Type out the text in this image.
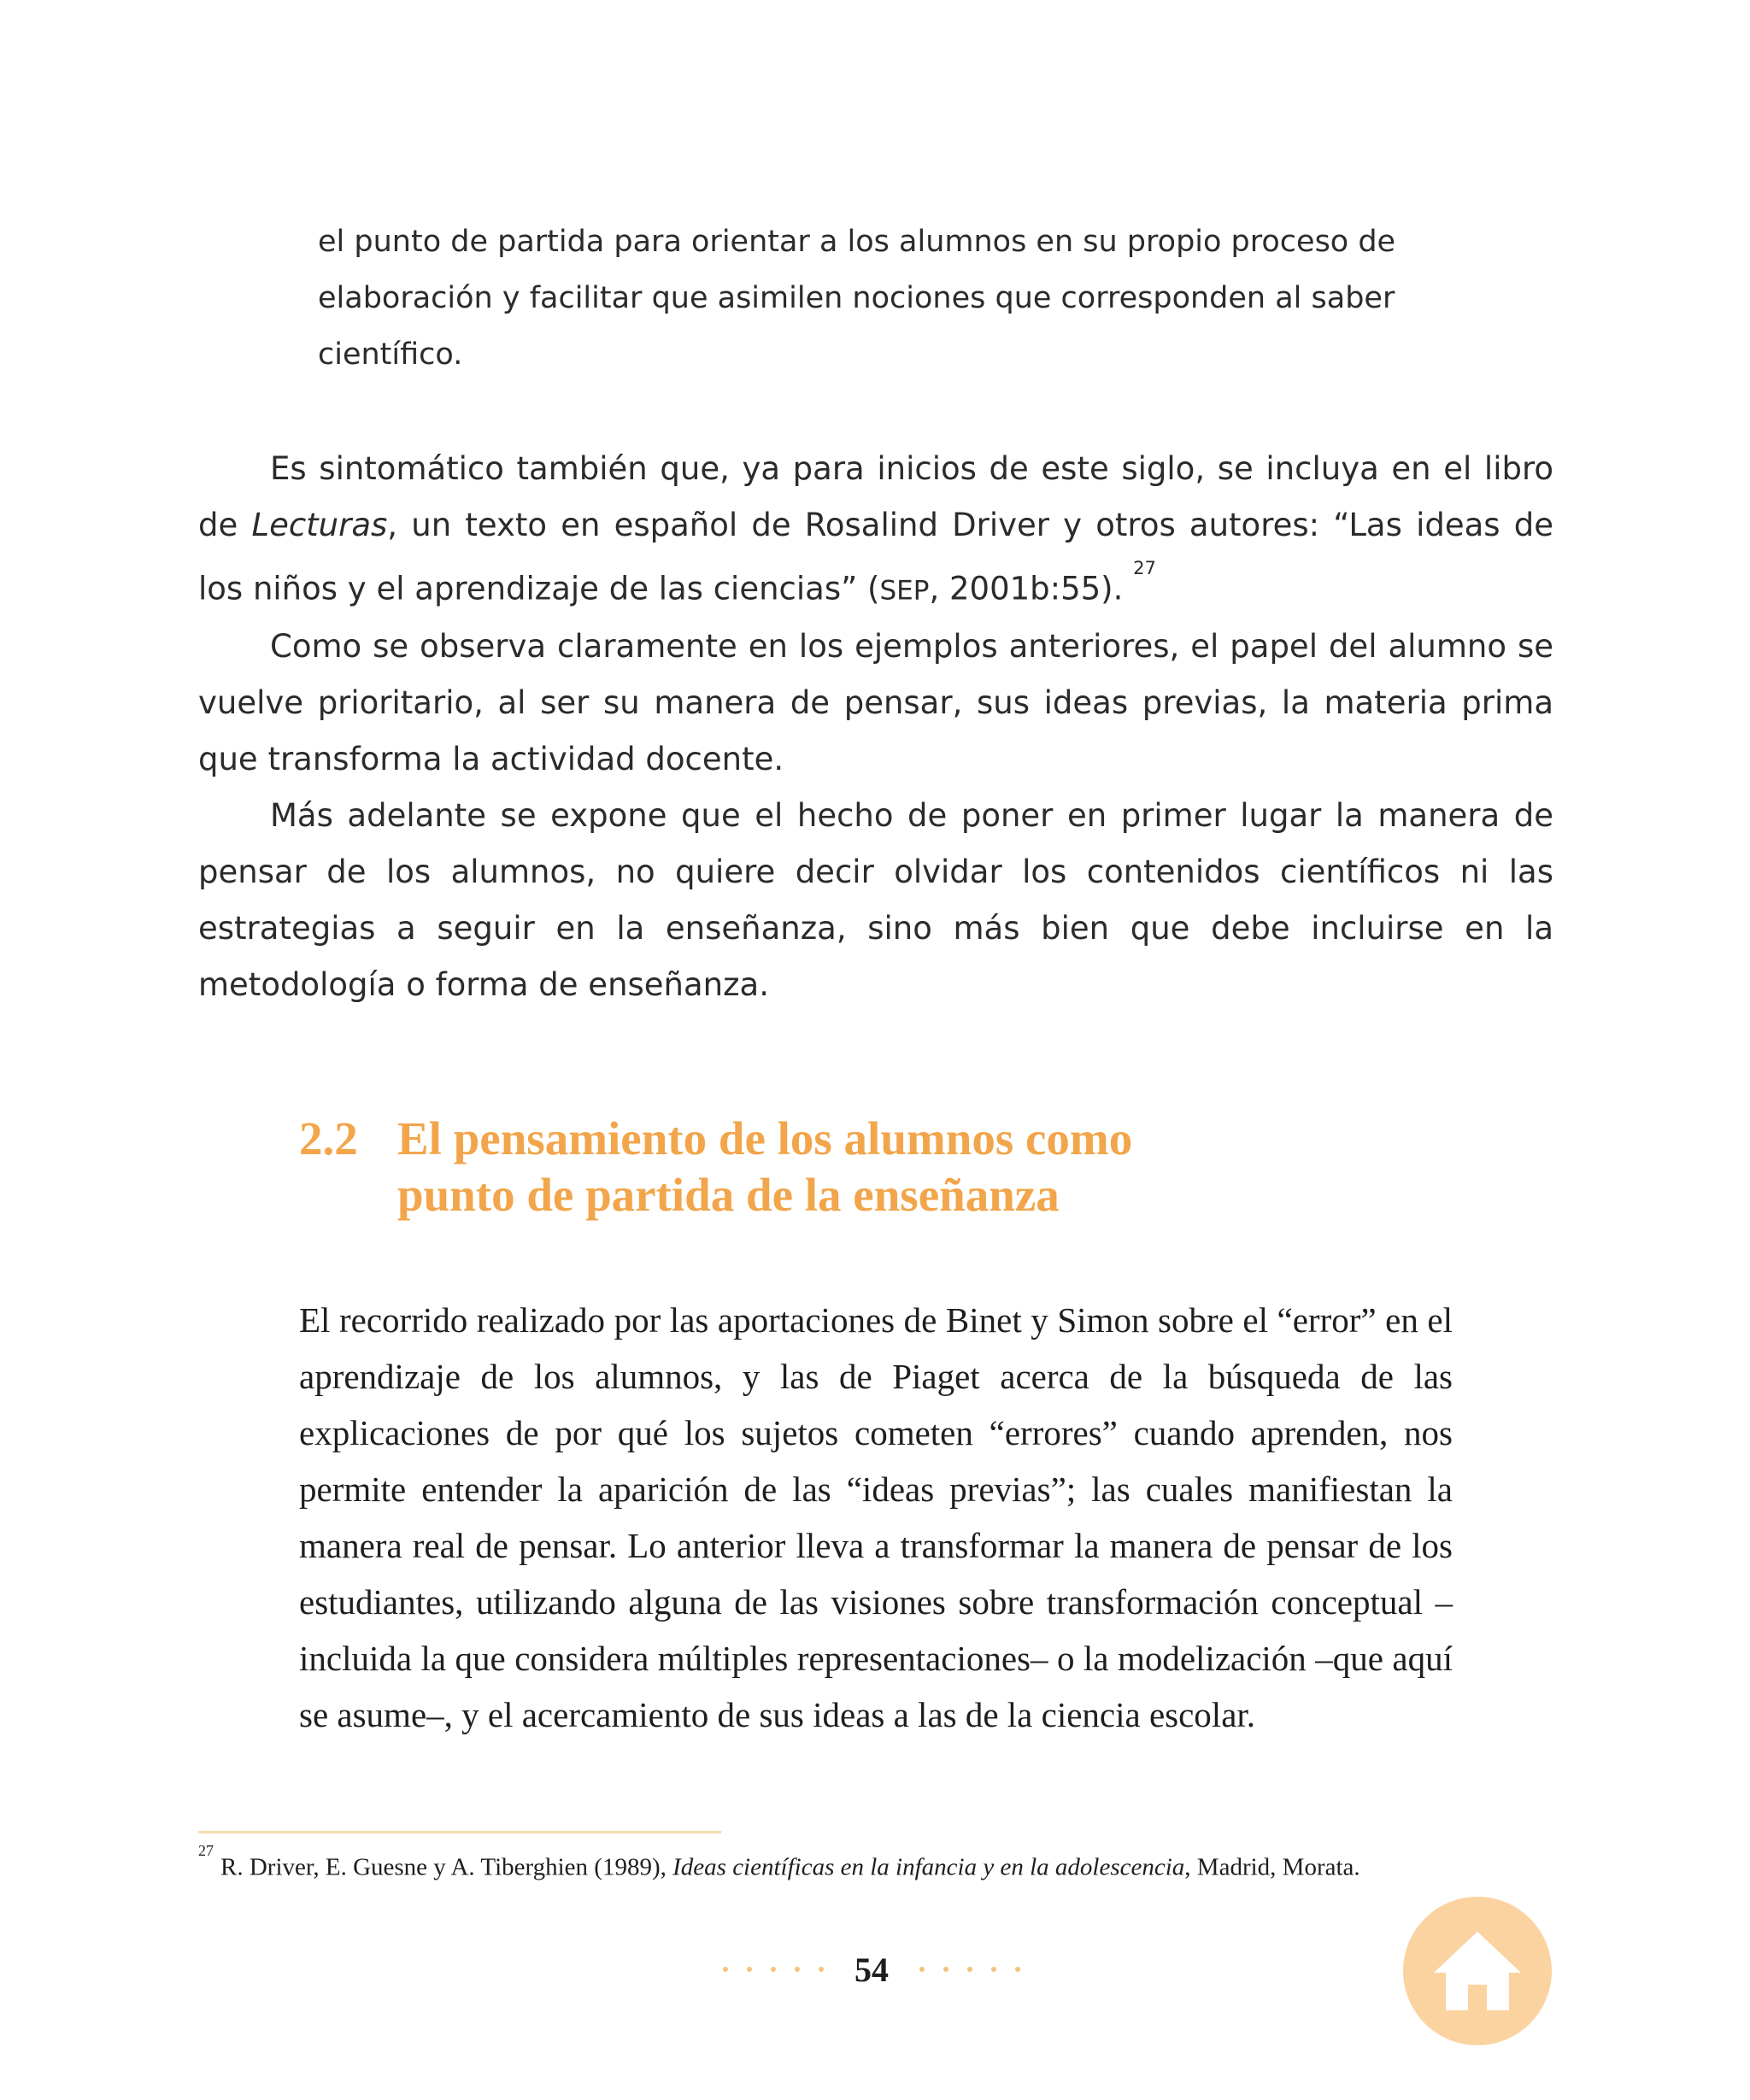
el punto de partida para orientar a los alumnos en su propio proceso de elaboración y facilitar que asimilen nociones que corresponden al saber científico.

Es sintomático también que, ya para inicios de este siglo, se incluya en el libro de Lecturas, un texto en español de Rosalind Driver y otros autores: “Las ideas de los niños y el aprendizaje de las ciencias” (SEP, 2001b:55). $^{27}$

Como se observa claramente en los ejemplos anteriores, el papel del alumno se vuelve prioritario, al ser su manera de pensar, sus ideas previas, la materia prima que transforma la actividad docente.

Más adelante se expone que el hecho de poner en primer lugar la manera de pensar de los alumnos, no quiere decir olvidar los contenidos científicos ni las estrategias a seguir en la enseñanza, sino más bien que debe incluirse en la metodología o forma de enseñanza.

2.2 El pensamiento de los alumnos como
punto de partida de la enseñanza

El recorrido realizado por las aportaciones de Binet y Simon sobre el “error” en el aprendizaje de los alumnos, y las de Piaget acerca de la búsqueda de las explicaciones de por qué los sujetos cometen “errores” cuando aprenden, nos permite entender la aparición de las “ideas previas”; las cuales manifiestan la manera real de pensar. Lo anterior lleva a transformar la manera de pensar de los estudiantes, utilizando alguna de las visiones sobre transformación conceptual –incluida la que considera múltiples representaciones– o la modelización –que aquí se asume–, y el acercamiento de sus ideas a las de la ciencia escolar.

$^{27}$R. Driver, E. Guesne y A. Tiberghien (1989), Ideas científicas en la infancia y en la adolescencia, Madrid, Morata.
54
